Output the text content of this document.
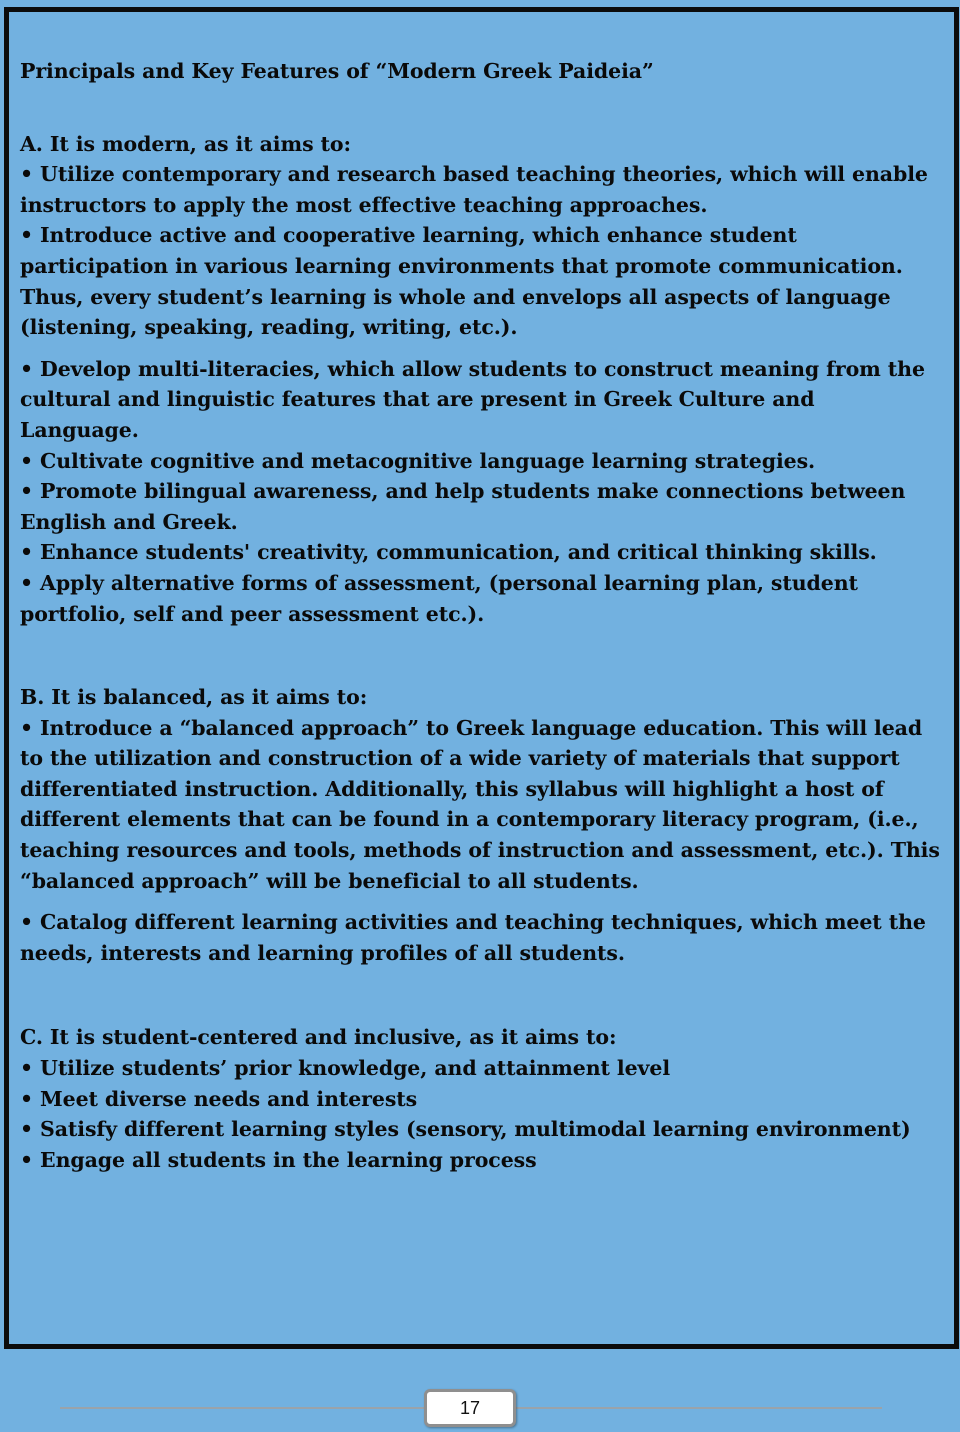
Principals and Key Features of “Modern Greek Paideia”

A. It is modern, as it aims to:

• Utilize contemporary and research based teaching theories, which will enable instructors to apply the most effective teaching approaches.

• Introduce active and cooperative learning, which enhance student participation in various learning environments that promote communication. Thus, every student’s learning is whole and envelops all aspects of language (listening, speaking, reading, writing, etc.).

• Develop multi-literacies, which allow students to construct meaning from the cultural and linguistic features that are present in Greek Culture and Language.

• Cultivate cognitive and metacognitive language learning strategies.

• Promote bilingual awareness, and help students make connections between English and Greek.

• Enhance students' creativity, communication, and critical thinking skills.

• Apply alternative forms of assessment, (personal learning plan, student portfolio, self and peer assessment etc.).

B. It is balanced, as it aims to:

• Introduce a “balanced approach” to Greek language education. This will lead to the utilization and construction of a wide variety of materials that support differentiated instruction. Additionally, this syllabus will highlight a host of different elements that can be found in a contemporary literacy program, (i.e., teaching resources and tools, methods of instruction and assessment, etc.). This “balanced approach” will be beneficial to all students.

• Catalog different learning activities and teaching techniques, which meet the needs, interests and learning profiles of all students.

C. It is student-centered and inclusive, as it aims to:

• Utilize students’ prior knowledge, and attainment level

• Meet diverse needs and interests

• Satisfy different learning styles (sensory, multimodal learning environment)

• Engage all students in the learning process

17
